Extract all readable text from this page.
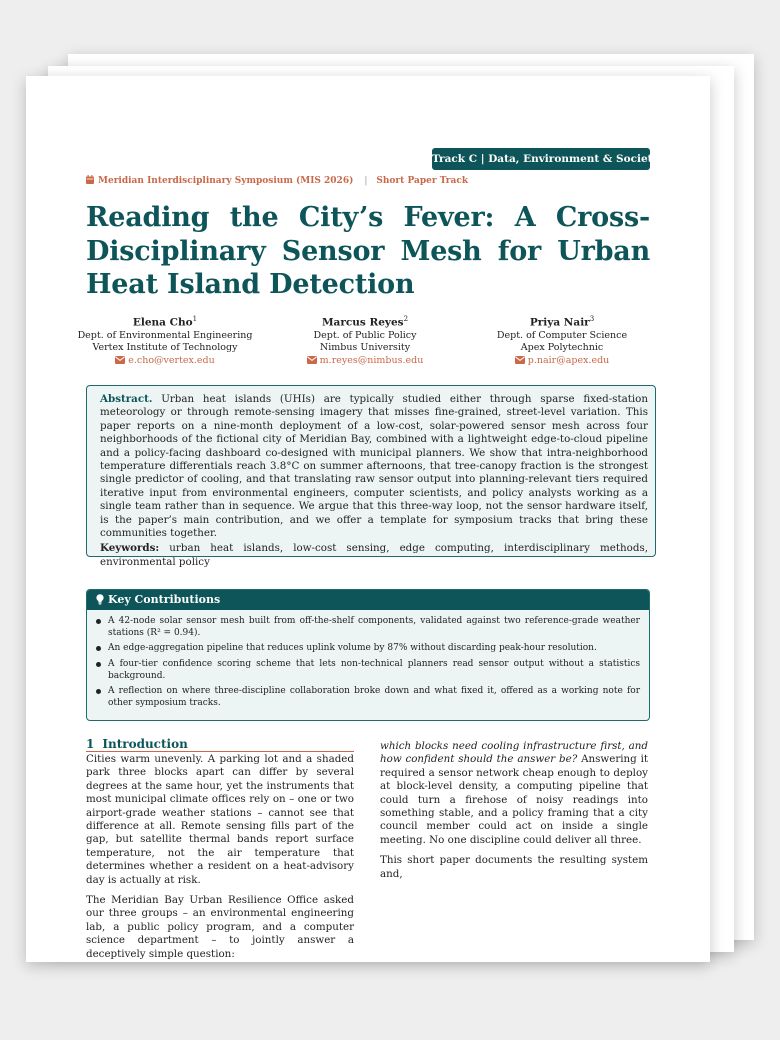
Track C | Data, Environment & Society
Meridian Interdisciplinary Symposium (MIS 2026) | Short Paper Track
Reading the City’s Fever: A Cross-Disciplinary Sensor Mesh for Urban Heat Island Detection
Elena Cho$^1$
Dept. of Environmental Engineering
Vertex Institute of Technology
e.cho@vertex.edu
Marcus Reyes$^2$
Dept. of Public Policy
Nimbus University
m.reyes@nimbus.edu
Priya Nair$^3$
Dept. of Computer Science
Apex Polytechnic
p.nair@apex.edu
Abstract. Urban heat islands (UHIs) are typically studied either through sparse fixed-station meteorology or through remote-sensing imagery that misses fine-grained, street-level variation. This paper reports on a nine-month deployment of a low-cost, solar-powered sensor mesh across four neighborhoods of the fictional city of Meridian Bay, combined with a lightweight edge-to-cloud pipeline and a policy-facing dashboard co-designed with municipal planners. We show that intra-neighborhood temperature differentials reach 3.8°C on summer afternoons, that tree-canopy fraction is the strongest single predictor of cooling, and that translating raw sensor output into planning-relevant tiers required iterative input from environmental engineers, computer scientists, and policy analysts working as a single team rather than in sequence. We argue that this three-way loop, not the sensor hardware itself, is the paper’s main contribution, and we offer a template for symposium tracks that bring these communities together.
Keywords: urban heat islands, low-cost sensing, edge computing, interdisciplinary methods, environmental policy
Key Contributions
A 42-node solar sensor mesh built from off-the-shelf components, validated against two reference-grade weather stations (R² = 0.94).
An edge-aggregation pipeline that reduces uplink volume by 87% without discarding peak-hour resolution.
A four-tier confidence scoring scheme that lets non-technical planners read sensor output without a statistics background.
A reflection on where three-discipline collaboration broke down and what fixed it, offered as a working note for other symposium tracks.
1 Introduction

Cities warm unevenly. A parking lot and a shaded park three blocks apart can differ by several degrees at the same hour, yet the instruments that most municipal climate offices rely on – one or two airport-grade weather stations – cannot see that difference at all. Remote sensing fills part of the gap, but satellite thermal bands report surface temperature, not the air temperature that determines whether a resident on a heat-advisory day is actually at risk.

The Meridian Bay Urban Resilience Office asked our three groups – an environmental engineering lab, a public policy program, and a computer science department – to jointly answer a deceptively simple question:

which blocks need cooling infrastructure first, and how confident should the answer be? Answering it required a sensor network cheap enough to deploy at block-level density, a computing pipeline that could turn a firehose of noisy readings into something stable, and a policy framing that a city council member could act on inside a single meeting. No one discipline could deliver all three.

This short paper documents the resulting system and,
